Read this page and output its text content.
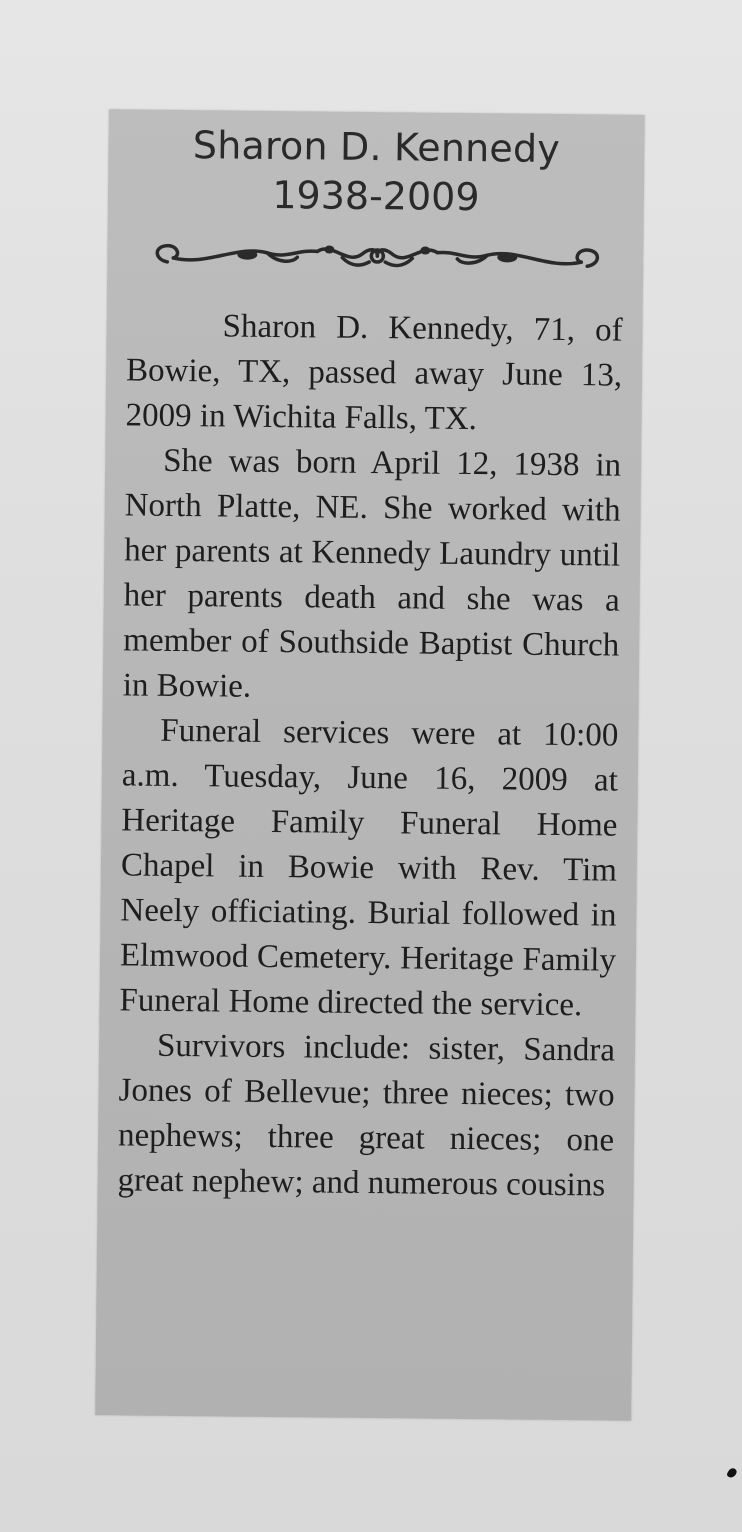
Sharon D. Kennedy
1938-2009

Sharon D. Kennedy, 71, of Bowie, TX, passed away June 13, 2009 in Wichita Falls, TX.

She was born April 12, 1938 in North Platte, NE. She worked with her parents at Kennedy Laundry until her parents death and she was a member of Southside Baptist Church in Bowie.

Funeral services were at 10:00 a.m. Tuesday, June 16, 2009 at Heritage Family Funeral Home Chapel in Bowie with Rev. Tim Neely officiating. Burial followed in Elmwood Cemetery. Heritage Family Funeral Home directed the service.

Survivors include: sister, Sandra Jones of Bellevue; three nieces; two nephews; three great nieces; one great nephew; and numerous cousins
